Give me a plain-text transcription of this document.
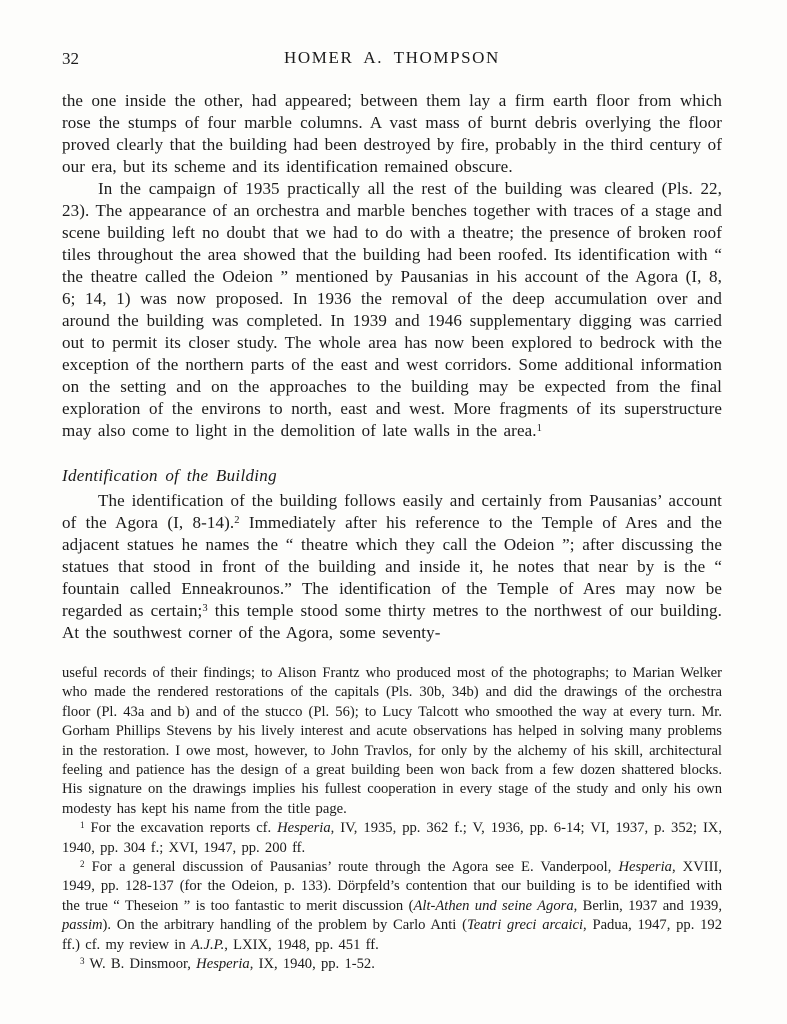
32	HOMER A. THOMPSON

the one inside the other, had appeared; between them lay a firm earth floor from which rose the stumps of four marble columns. A vast mass of burnt debris overlying the floor proved clearly that the building had been destroyed by fire, probably in the third century of our era, but its scheme and its identification remained obscure.

In the campaign of 1935 practically all the rest of the building was cleared (Pls. 22, 23). The appearance of an orchestra and marble benches together with traces of a stage and scene building left no doubt that we had to do with a theatre; the presence of broken roof tiles throughout the area showed that the building had been roofed. Its identification with “ the theatre called the Odeion ” mentioned by Pausanias in his account of the Agora (I, 8, 6; 14, 1) was now proposed. In 1936 the removal of the deep accumulation over and around the building was completed. In 1939 and 1946 supplementary digging was carried out to permit its closer study. The whole area has now been explored to bedrock with the exception of the northern parts of the east and west corridors. Some additional information on the setting and on the approaches to the building may be expected from the final exploration of the environs to north, east and west. More fragments of its superstructure may also come to light in the demolition of late walls in the area.$^1$

Identification of the Building

The identification of the building follows easily and certainly from Pausanias’ account of the Agora (I, 8-14).$^2$ Immediately after his reference to the Temple of Ares and the adjacent statues he names the “ theatre which they call the Odeion ”; after discussing the statues that stood in front of the building and inside it, he notes that near by is the “ fountain called Enneakrounos.” The identification of the Temple of Ares may now be regarded as certain;$^3$ this temple stood some thirty metres to the northwest of our building. At the southwest corner of the Agora, some seventy-

useful records of their findings; to Alison Frantz who produced most of the photographs; to Marian Welker who made the rendered restorations of the capitals (Pls. 30b, 34b) and did the drawings of the orchestra floor (Pl. 43a and b) and of the stucco (Pl. 56); to Lucy Talcott who smoothed the way at every turn. Mr. Gorham Phillips Stevens by his lively interest and acute observations has helped in solving many problems in the restoration. I owe most, however, to John Travlos, for only by the alchemy of his skill, architectural feeling and patience has the design of a great building been won back from a few dozen shattered blocks. His signature on the drawings implies his fullest cooperation in every stage of the study and only his own modesty has kept his name from the title page.

$^1$ For the excavation reports cf. Hesperia, IV, 1935, pp. 362 f.; V, 1936, pp. 6-14; VI, 1937, p. 352; IX, 1940, pp. 304 f.; XVI, 1947, pp. 200 ff.

$^2$ For a general discussion of Pausanias’ route through the Agora see E. Vanderpool, Hesperia, XVIII, 1949, pp. 128-137 (for the Odeion, p. 133). Dörpfeld’s contention that our building is to be identified with the true “ Theseion ” is too fantastic to merit discussion (Alt-Athen und seine Agora, Berlin, 1937 and 1939, passim). On the arbitrary handling of the problem by Carlo Anti (Teatri greci arcaici, Padua, 1947, pp. 192 ff.) cf. my review in A.J.P., LXIX, 1948, pp. 451 ff.

$^3$ W. B. Dinsmoor, Hesperia, IX, 1940, pp. 1-52.
